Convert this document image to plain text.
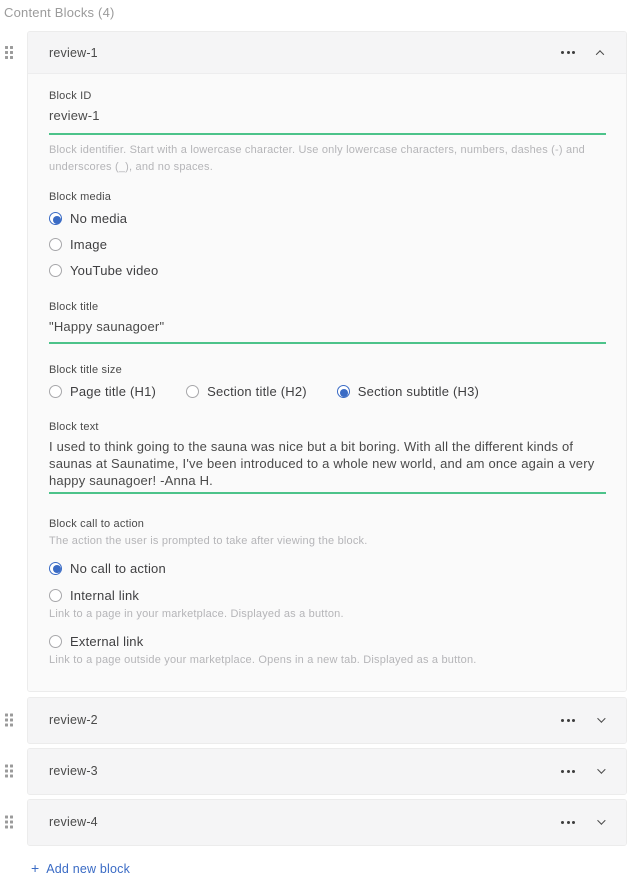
Content Blocks (4)
review-1
Block ID
review-1
Block identifier. Start with a lowercase character. Use only lowercase characters, numbers, dashes (-) and underscores (_), and no spaces.
Block media
No media
Image
YouTube video
Block title
"Happy saunagoer"
Block title size
Page title (H1)	Section title (H2)	Section subtitle (H3)
Block text
I used to think going to the sauna was nice but a bit boring. With all the different kinds of saunas at Saunatime, I've been introduced to a whole new world, and am once again a very happy saunagoer! -Anna H.
Block call to action
The action the user is prompted to take after viewing the block.
No call to action
Internal link
Link to a page in your marketplace. Displayed as a button.
External link
Link to a page outside your marketplace. Opens in a new tab. Displayed as a button.
review-2
review-3
review-4
+ Add new block
